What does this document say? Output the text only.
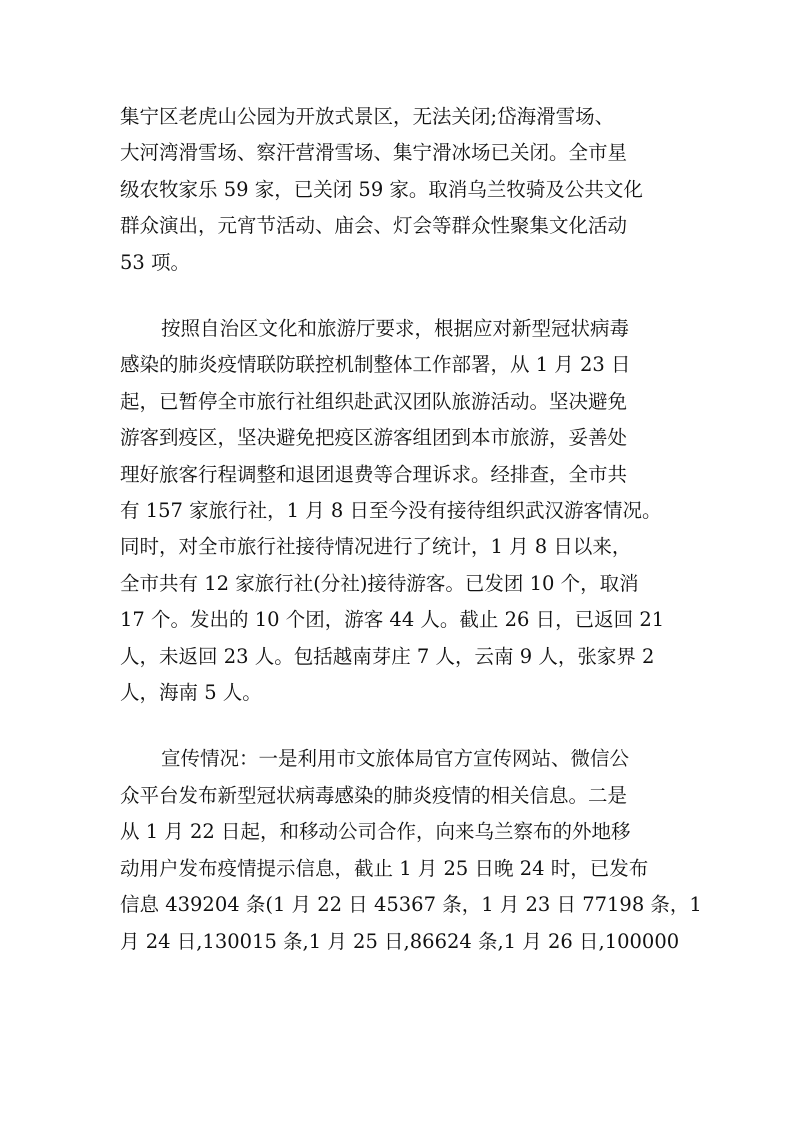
集宁区老虎山公园为开放式景区，无法关闭;岱海滑雪场、
大河湾滑雪场、察汗营滑雪场、集宁滑冰场已关闭。全市星
级农牧家乐 59 家，已关闭 59 家。取消乌兰牧骑及公共文化
群众演出，元宵节活动、庙会、灯会等群众性聚集文化活动
53 项。
按照自治区文化和旅游厅要求，根据应对新型冠状病毒
感染的肺炎疫情联防联控机制整体工作部署，从 1 月 23 日
起，已暂停全市旅行社组织赴武汉团队旅游活动。坚决避免
游客到疫区，坚决避免把疫区游客组团到本市旅游，妥善处
理好旅客行程调整和退团退费等合理诉求。经排查，全市共
有 157 家旅行社，1 月 8 日至今没有接待组织武汉游客情况。
同时，对全市旅行社接待情况进行了统计，1 月 8 日以来，
全市共有 12 家旅行社(分社)接待游客。已发团 10 个，取消
17 个。发出的 10 个团，游客 44 人。截止 26 日，已返回 21
人，未返回 23 人。包括越南芽庄 7 人，云南 9 人，张家界 2
人，海南 5 人。
宣传情况：一是利用市文旅体局官方宣传网站、微信公
众平台发布新型冠状病毒感染的肺炎疫情的相关信息。二是
从 1 月 22 日起，和移动公司合作，向来乌兰察布的外地移
动用户发布疫情提示信息，截止 1 月 25 日晚 24 时，已发布
信息 439204 条(1 月 22 日 45367 条，1 月 23 日 77198 条，1
月 24 日,130015 条,1 月 25 日,86624 条,1 月 26 日,100000
